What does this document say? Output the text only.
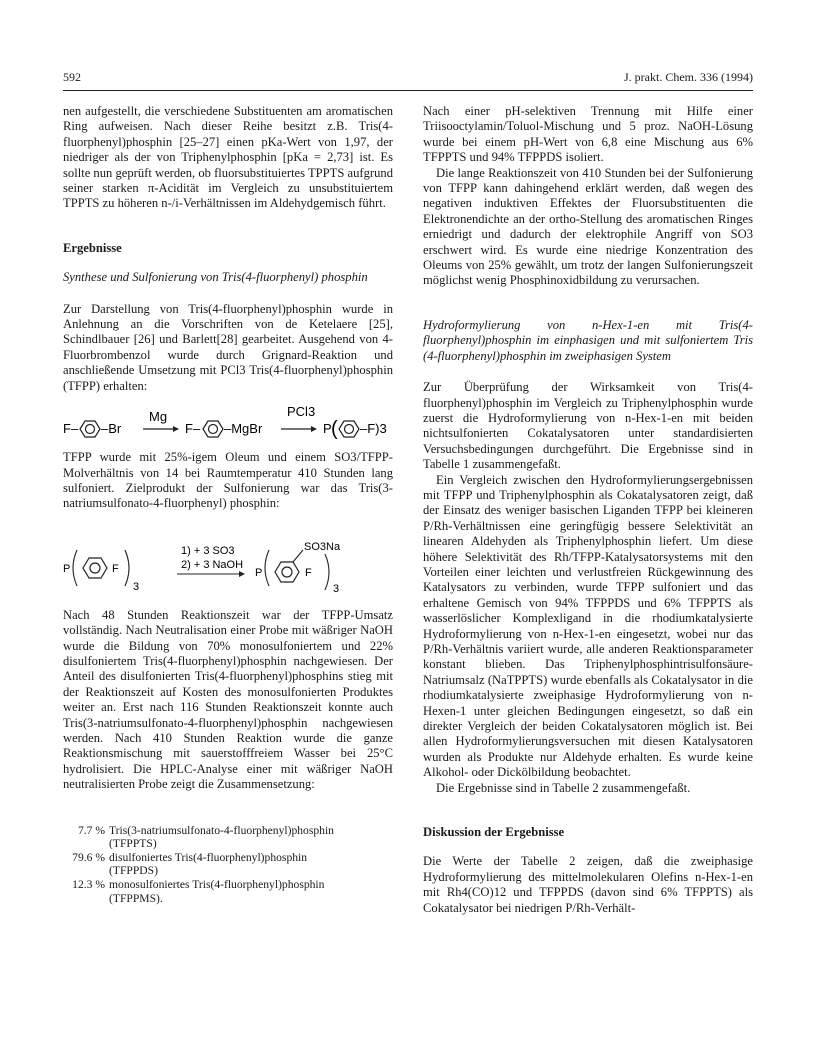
592	J. prakt. Chem. 336 (1994)

nen aufgestellt, die verschiedene Substituenten am aromatischen Ring aufweisen. Nach dieser Reihe besitzt z.B. Tris(4-fluorphenyl)phosphin [25–27] einen pKa-Wert von 1,97, der niedriger als der von Triphenylphosphin [pKa = 2,73] ist. Es sollte nun geprüft werden, ob fluorsubstituiertes TPPTS aufgrund seiner starken π-Acidität im Vergleich zu unsubstituiertem TPPTS zu höheren n-/i-Verhältnissen im Aldehydgemisch führt.

Ergebnisse

Synthese und Sulfonierung von Tris(4-fluorphenyl) phosphin

Zur Darstellung von Tris(4-fluorphenyl)phosphin wurde in Anlehnung an die Vorschriften von de Ketelaere [25], Schindlbauer [26] und Barlett[28] gearbeitet. Ausgehend von 4-Fluorbrombenzol wurde durch Grignard-Reaktion und anschließende Umsetzung mit PCl3 Tris(4-fluorphenyl)phosphin (TFPP) erhalten:

F– –Br
Mg
F– –MgBr
PCl3
P ( –F)3

TFPP wurde mit 25%-igem Oleum und einem SO3/TFPP-Molverhältnis von 14 bei Raumtemperatur 410 Stunden lang sulfoniert. Zielprodukt der Sulfonierung war das Tris(3-natriumsulfonato-4-fluorphenyl) phosphin:

P	F
3
1) + 3 SO3
2) + 3 NaOH
P
SO3Na
F
3

Nach 48 Stunden Reaktionszeit war der TFPP-Umsatz vollständig. Nach Neutralisation einer Probe mit wäßriger NaOH wurde die Bildung von 70% monosulfoniertem und 22% disulfoniertem Tris(4-fluorphenyl)phosphin nachgewiesen. Der Anteil des disulfonierten Tris(4-fluorphenyl)phosphins stieg mit der Reaktionszeit auf Kosten des monosulfonierten Produktes weiter an. Erst nach 116 Stunden Reaktionszeit konnte auch Tris(3-natriumsulfonato-4-fluorphenyl)phosphin nachgewiesen werden. Nach 410 Stunden Reaktion wurde die ganze Reaktionsmischung mit sauerstofffreiem Wasser bei 25°C hydrolisiert. Die HPLC-Analyse einer mit wäßriger NaOH neutralisierten Probe zeigt die Zusammensetzung:

7.7 % Tris(3-natriumsulfonato-4-fluorphenyl)phosphin
(TFPPTS)
79.6 % disulfoniertes Tris(4-fluorphenyl)phosphin
(TFPPDS)
12.3 % monosulfoniertes Tris(4-fluorphenyl)phosphin
(TFPPMS).

Nach einer pH-selektiven Trennung mit Hilfe einer Triisooctylamin/Toluol-Mischung und 5 proz. NaOH-Lösung wurde bei einem pH-Wert von 6,8 eine Mischung aus 6% TFPPTS und 94% TFPPDS isoliert.

Die lange Reaktionszeit von 410 Stunden bei der Sulfonierung von TFPP kann dahingehend erklärt werden, daß wegen des negativen induktiven Effektes der Fluorsubstituenten die Elektronendichte an der ortho-Stellung des aromatischen Ringes erniedrigt und dadurch der elektrophile Angriff von SO3 erschwert wird. Es wurde eine niedrige Konzentration des Oleums von 25% gewählt, um trotz der langen Sulfonierungszeit möglichst wenig Phosphinoxidbildung zu verursachen.

Hydroformylierung von n-Hex-1-en mit Tris(4-fluorphenyl)phosphin im einphasigen und mit sulfoniertem Tris (4-fluorphenyl)phosphin im zweiphasigen System

Zur Überprüfung der Wirksamkeit von Tris(4-fluorphenyl)phosphin im Vergleich zu Triphenylphosphin wurde zuerst die Hydroformylierung von n-Hex-1-en mit beiden nichtsulfonierten Cokatalysatoren unter standardisierten Versuchsbedingungen durchgeführt. Die Ergebnisse sind in Tabelle 1 zusammengefaßt.

Ein Vergleich zwischen den Hydroformylierungsergebnissen mit TFPP und Triphenylphosphin als Cokatalysatoren zeigt, daß der Einsatz des weniger basischen Liganden TFPP bei kleineren P/Rh-Verhältnissen eine geringfügig bessere Selektivität an linearen Aldehyden als Triphenylphosphin liefert. Um diese höhere Selektivität des Rh/TFPP-Katalysatorsystems mit den Vorteilen einer leichten und verlustfreien Rückgewinnung des Katalysators zu verbinden, wurde TFPP sulfoniert und das erhaltene Gemisch von 94% TFPPDS und 6% TFPPTS als wasserlöslicher Komplexligand in die rhodiumkatalysierte Hydroformylierung von n-Hex-1-en eingesetzt, wobei nur das P/Rh-Verhältnis variiert wurde, alle anderen Reaktionsparameter konstant blieben. Das Triphenylphosphintrisulfonsäure-Natriumsalz (NaTPPTS) wurde ebenfalls als Cokatalysator in die rhodiumkatalysierte zweiphasige Hydroformylierung von n-Hexen-1 unter gleichen Bedingungen eingesetzt, so daß ein direkter Vergleich der beiden Cokatalysatoren möglich ist. Bei allen Hydroformylierungsversuchen mit diesen Katalysatoren wurden als Produkte nur Aldehyde erhalten. Es wurde keine Alkohol- oder Dickölbildung beobachtet.

Die Ergebnisse sind in Tabelle 2 zusammengefaßt.

Diskussion der Ergebnisse

Die Werte der Tabelle 2 zeigen, daß die zweiphasige Hydroformylierung des mittelmolekularen Olefins n-Hex-1-en mit Rh4(CO)12 und TFPPDS (davon sind 6% TFPPTS) als Cokatalysator bei niedrigen P/Rh-Verhält-
